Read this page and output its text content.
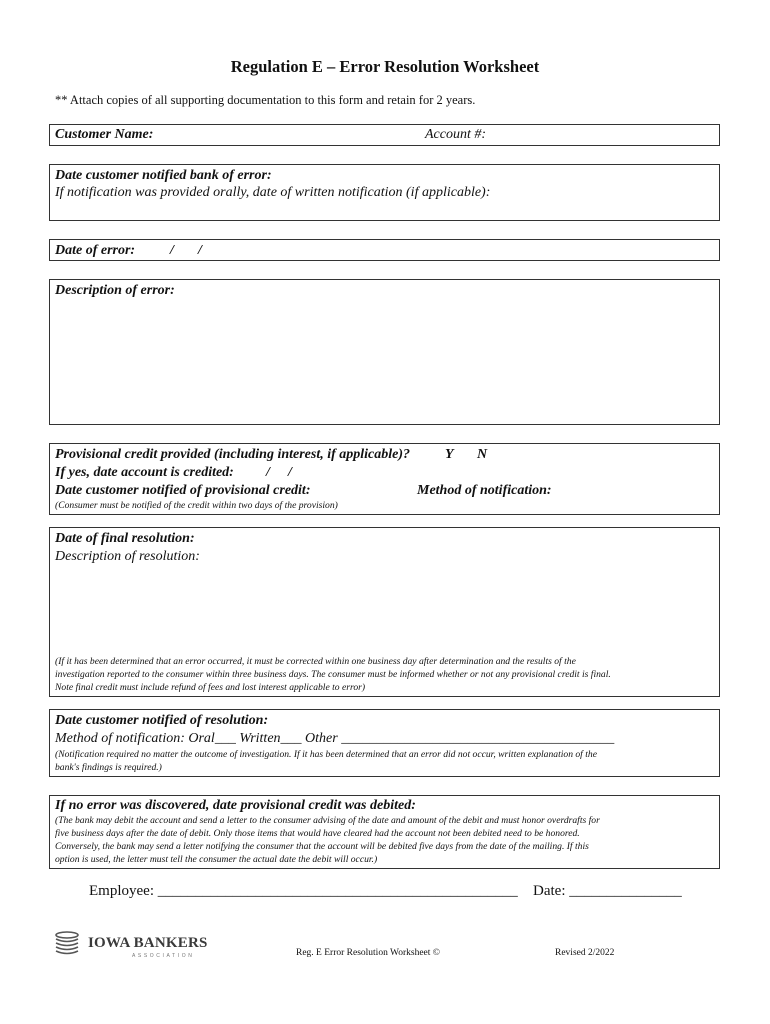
Regulation E – Error Resolution Worksheet
** Attach copies of all supporting documentation to this form and retain for 2 years.
Customer Name:	Account #:
Date customer notified bank of error:
If notification was provided orally, date of written notification (if applicable):
Date of error: / /
Description of error:
Provisional credit provided (including interest, if applicable)? Y N
If yes, date account is credited: / /
Date customer notified of provisional credit:	Method of notification:
(Consumer must be notified of the credit within two days of the provision)
Date of final resolution:
Description of resolution:
(If it has been determined that an error occurred, it must be corrected within one business day after determination and the results of the
investigation reported to the consumer within three business days. The consumer must be informed whether or not any provisional credit is final.
Note final credit must include refund of fees and lost interest applicable to error)
Date customer notified of resolution:
Method of notification: Oral___ Written___ Other _______________________________________
(Notification required no matter the outcome of investigation. If it has been determined that an error did not occur, written explanation of the
bank's findings is required.)
If no error was discovered, date provisional credit was debited:
(The bank may debit the account and send a letter to the consumer advising of the date and amount of the debit and must honor overdrafts for
five business days after the date of debit. Only those items that would have cleared had the account not been debited need to be honored.
Conversely, the bank may send a letter notifying the consumer that the account will be debited five days from the date of the mailing. If this
option is used, the letter must tell the consumer the actual date the debit will occur.)
Employee: ________________________________________________ Date: _______________
IOWA BANKERS
ASSOCIATION	Reg. E Error Resolution Worksheet ©	Revised 2/2022
